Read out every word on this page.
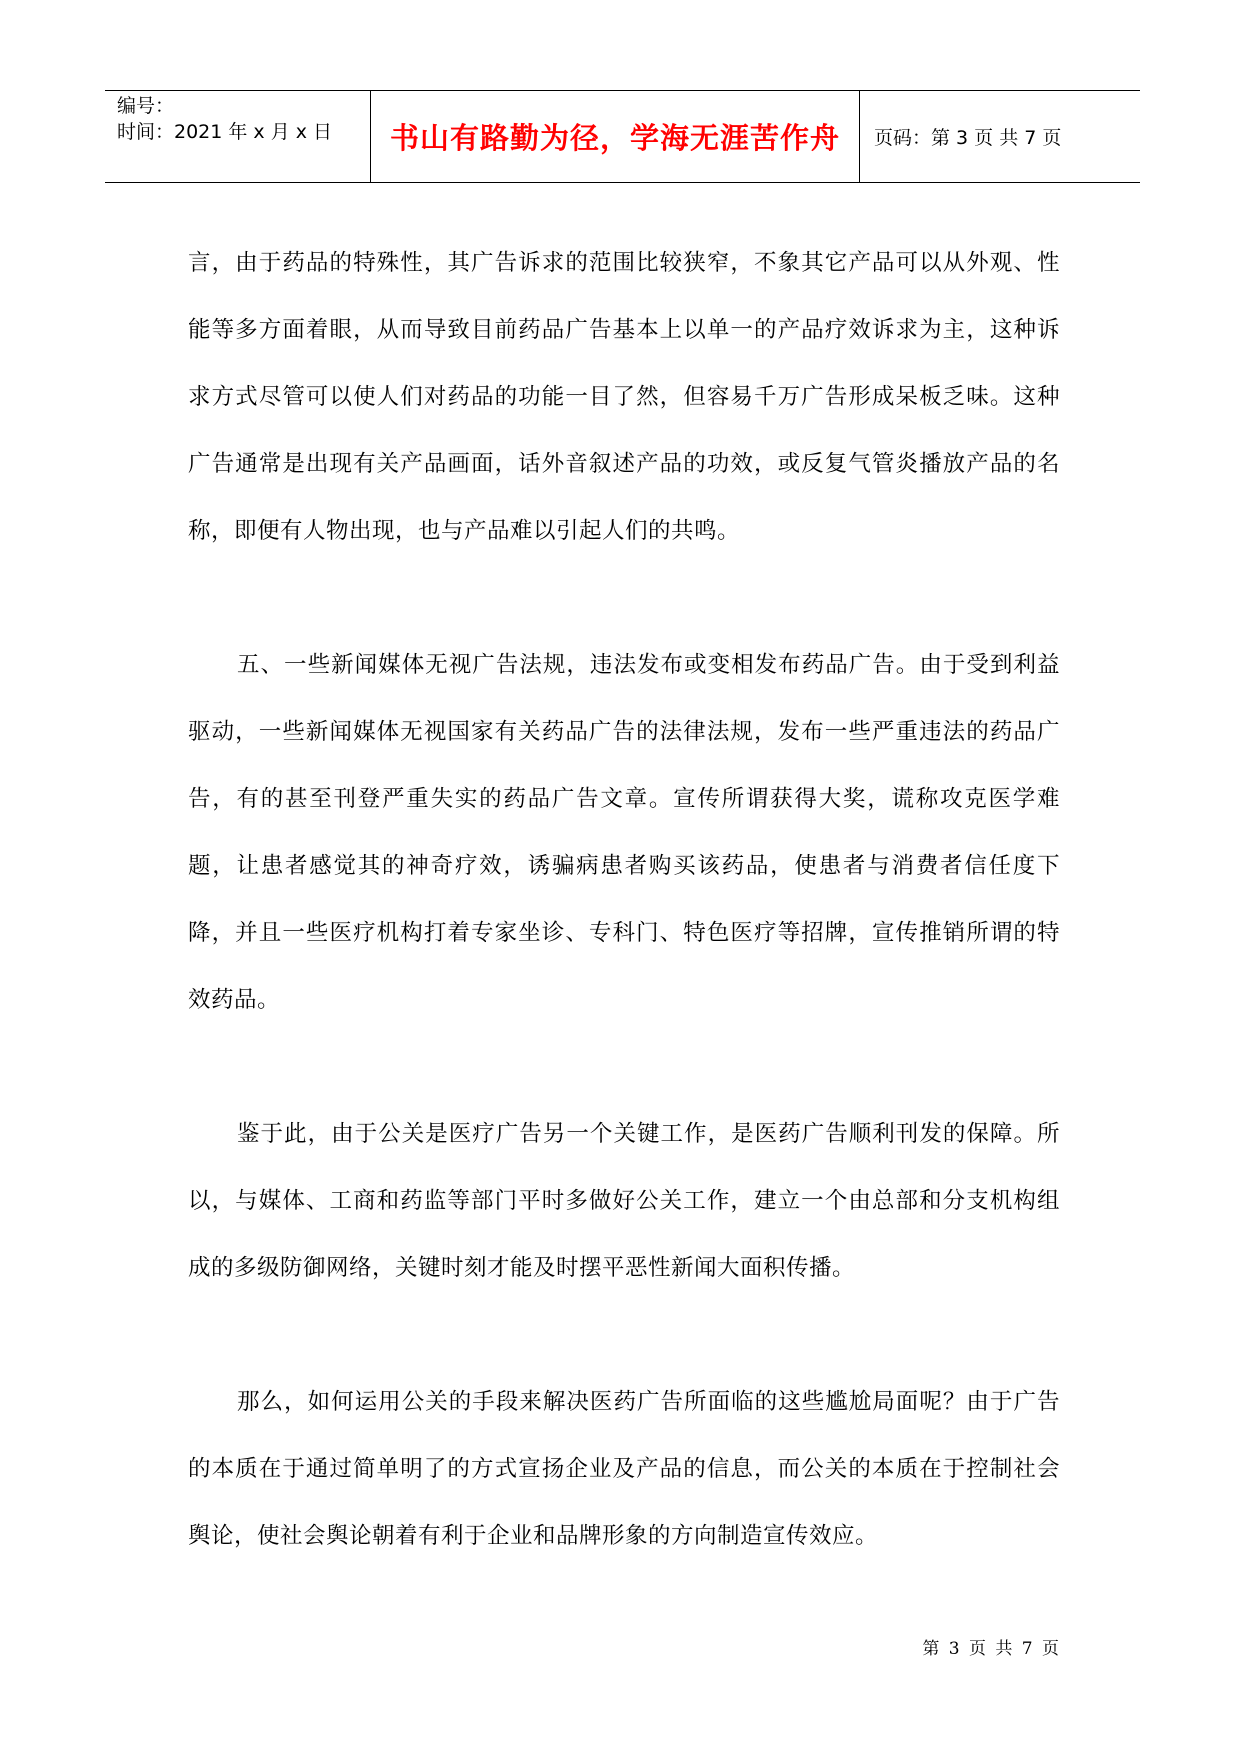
编号：
时间：2021 年 x 月 x 日	书山有路勤为径，学海无涯苦作舟	页码：第 3 页 共 7 页

言，由于药品的特殊性，其广告诉求的范围比较狭窄，不象其它产品可以从外观、性能等多方面着眼，从而导致目前药品广告基本上以单一的产品疗效诉求为主，这种诉求方式尽管可以使人们对药品的功能一目了然，但容易千万广告形成呆板乏味。这种广告通常是出现有关产品画面，话外音叙述产品的功效，或反复气管炎播放产品的名称，即便有人物出现，也与产品难以引起人们的共鸣。

五、一些新闻媒体无视广告法规，违法发布或变相发布药品广告。由于受到利益驱动，一些新闻媒体无视国家有关药品广告的法律法规，发布一些严重违法的药品广告，有的甚至刊登严重失实的药品广告文章。宣传所谓获得大奖，谎称攻克医学难题，让患者感觉其的神奇疗效，诱骗病患者购买该药品，使患者与消费者信任度下降，并且一些医疗机构打着专家坐诊、专科门、特色医疗等招牌，宣传推销所谓的特效药品。

鉴于此，由于公关是医疗广告另一个关键工作，是医药广告顺利刊发的保障。所以，与媒体、工商和药监等部门平时多做好公关工作，建立一个由总部和分支机构组成的多级防御网络，关键时刻才能及时摆平恶性新闻大面积传播。

那么，如何运用公关的手段来解决医药广告所面临的这些尴尬局面呢？由于广告的本质在于通过简单明了的方式宣扬企业及产品的信息，而公关的本质在于控制社会舆论，使社会舆论朝着有利于企业和品牌形象的方向制造宣传效应。

第 3 页 共 7 页
